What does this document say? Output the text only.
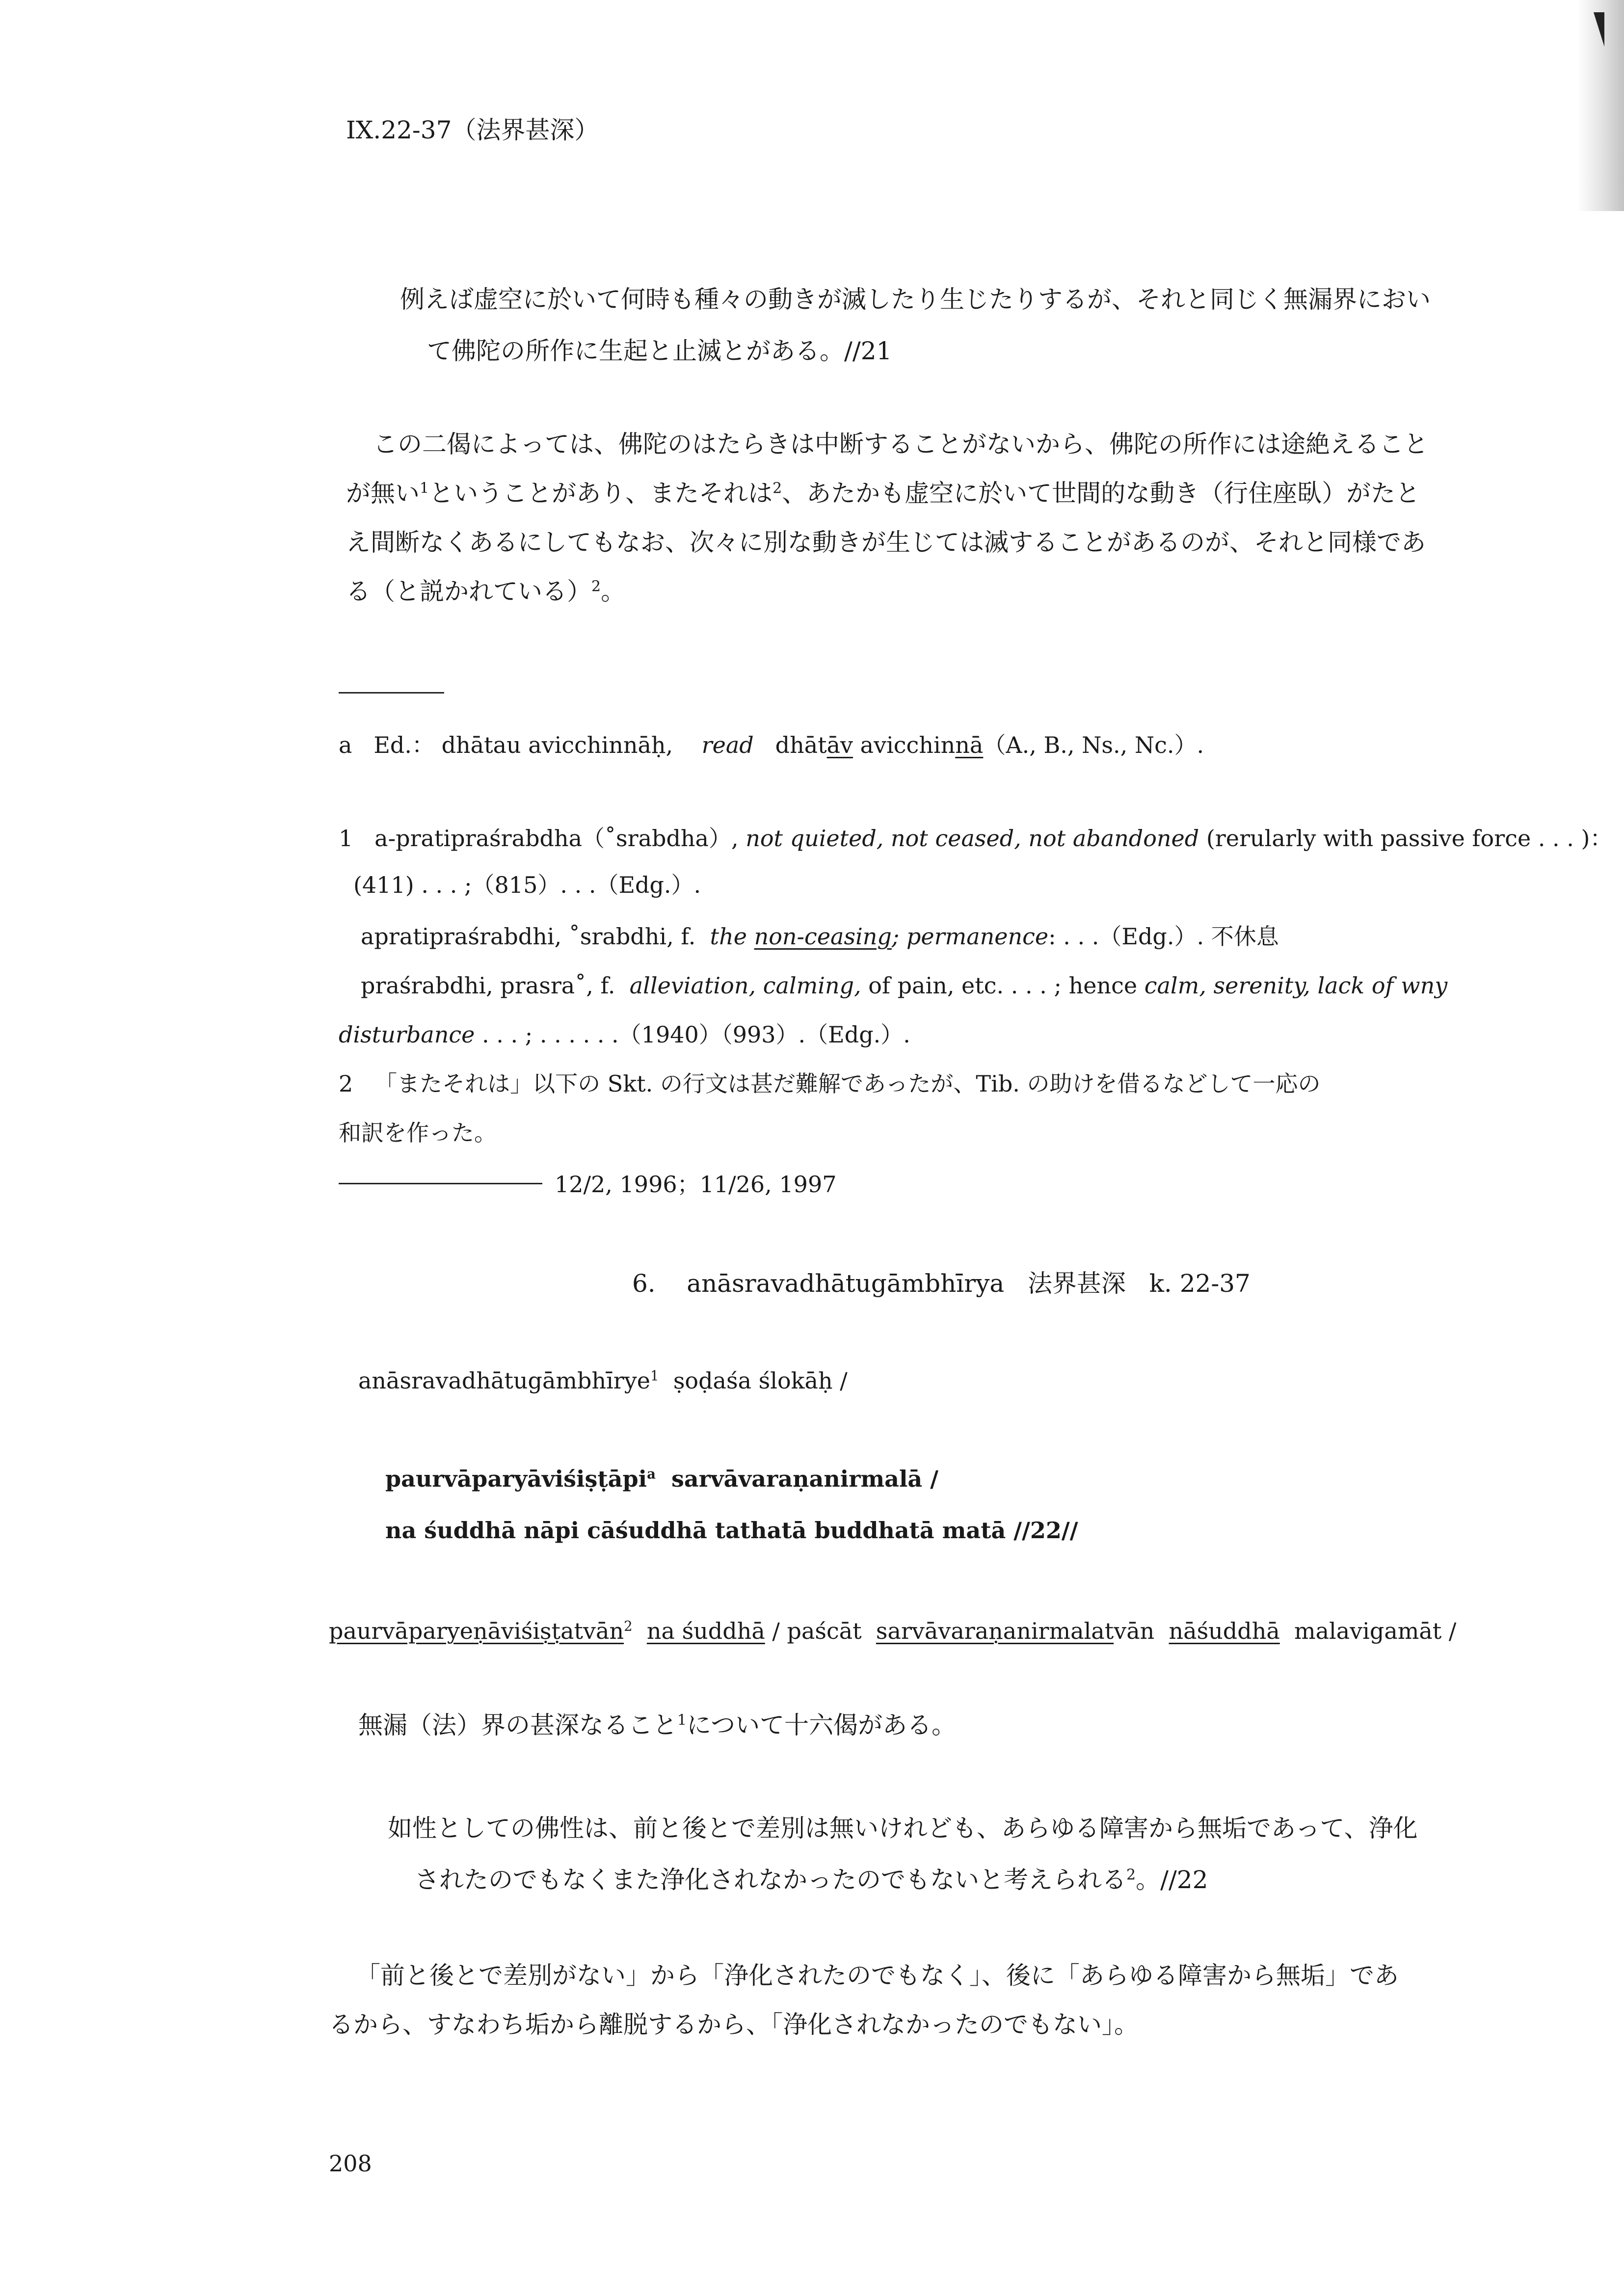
IX.22-37（法界甚深）
例えば虚空に於いて何時も種々の動きが滅したり生じたりするが、それと同じく無漏界におい
て佛陀の所作に生起と止滅とがある。//21
この二偈によっては、佛陀のはたらきは中断することがないから、佛陀の所作には途絶えること
が無い$^1$ということがあり、またそれは$^2$、あたかも虚空に於いて世間的な動き（行住座臥）がたと
え間断なくあるにしてもなお、次々に別な動きが生じては滅することがあるのが、それと同様であ
る（と説かれている）$^2$。
a Ed.： dhātau avicchinnāḥ, read dhātāv avicchinnā（A., B., Ns., Nc.）.
1 a-pratipraśrabdha（˚srabdha）, not quieted, not ceased, not abandoned (rerularly with passive force . . . )：
(411) . . . ;（815）. . .（Edg.）.
apratipraśrabdhi, ˚srabdhi, f. the non-ceasing; permanence: . . .（Edg.）. 不休息
praśrabdhi, prasra˚, f. alleviation, calming, of pain, etc. . . . ; hence calm, serenity, lack of wny
disturbance . . . ; . . . . . .（1940）（993）.（Edg.）.
2 「またそれは」以下の Skt. の行文は甚だ難解であったが、Tib. の助けを借るなどして一応の
和訳を作った。
12/2, 1996；11/26, 1997
6. anāsravadhātugāmbhīrya 法界甚深 k. 22-37
anāsravadhātugāmbhīrye$^1$ ṣoḍaśa ślokāḥ /
paurvāparyāviśiṣṭāpi$^a$ sarvāvaraṇanirmalā /
na śuddhā nāpi cāśuddhā tathatā buddhatā matā //22//
paurvāparyeṇāviśiṣṭatvān$^2$ na śuddhā / paścāt sarvāvaraṇanirmalatvān nāśuddhā malavigamāt /
無漏（法）界の甚深なること$^1$について十六偈がある。
如性としての佛性は、前と後とで差別は無いけれども、あらゆる障害から無垢であって、浄化
されたのでもなくまた浄化されなかったのでもないと考えられる$^2$。//22
「前と後とで差別がない」から「浄化されたのでもなく」、後に「あらゆる障害から無垢」であ
るから、すなわち垢から離脱するから、「浄化されなかったのでもない」。
208
